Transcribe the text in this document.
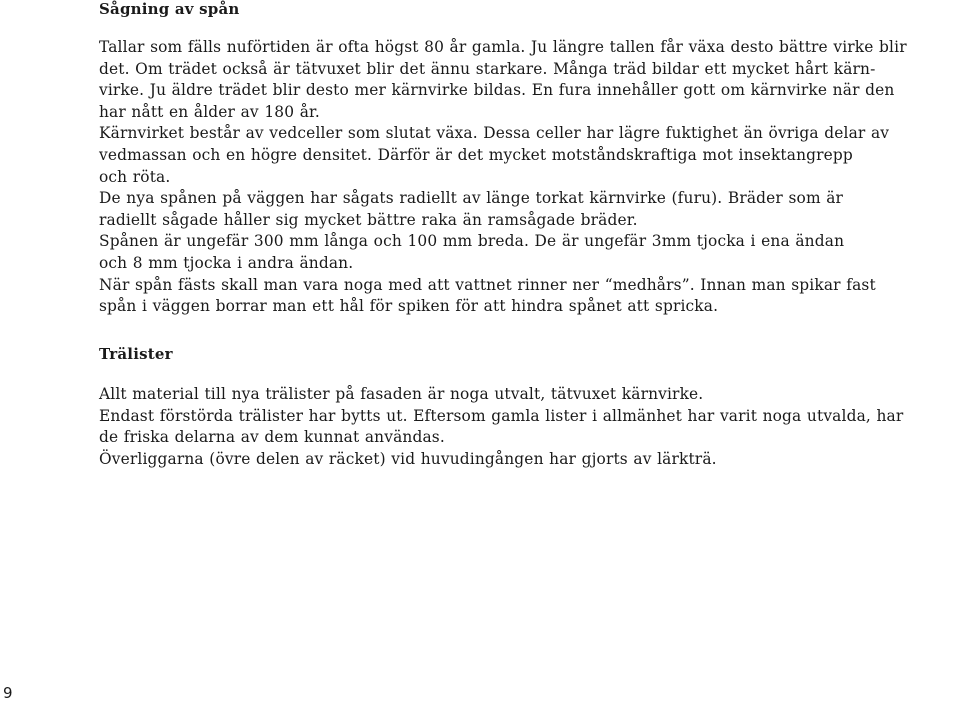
Sågning av spån

Tallar som fälls nuförtiden är ofta högst 80 år gamla. Ju längre tallen får växa desto bättre virke blir
det. Om trädet också är tätvuxet blir det ännu starkare. Många träd bildar ett mycket hårt kärn-
virke. Ju äldre trädet blir desto mer kärnvirke bildas. En fura innehåller gott om kärnvirke när den
har nått en ålder av 180 år.
Kärnvirket består av vedceller som slutat växa. Dessa celler har lägre fuktighet än övriga delar av
vedmassan och en högre densitet. Därför är det mycket motståndskraftiga mot insektangrepp
och röta.
De nya spånen på väggen har sågats radiellt av länge torkat kärnvirke (furu). Bräder som är
radiellt sågade håller sig mycket bättre raka än ramsågade bräder.
Spånen är ungefär 300 mm långa och 100 mm breda. De är ungefär 3mm tjocka i ena ändan
och 8 mm tjocka i andra ändan.
När spån fästs skall man vara noga med att vattnet rinner ner “medhårs”. Innan man spikar fast
spån i väggen borrar man ett hål för spiken för att hindra spånet att spricka.

Trälister

Allt material till nya trälister på fasaden är noga utvalt, tätvuxet kärnvirke.
Endast förstörda trälister har bytts ut. Eftersom gamla lister i allmänhet har varit noga utvalda, har
de friska delarna av dem kunnat användas.
Överliggarna (övre delen av räcket) vid huvudingången har gjorts av lärkträ.

9
